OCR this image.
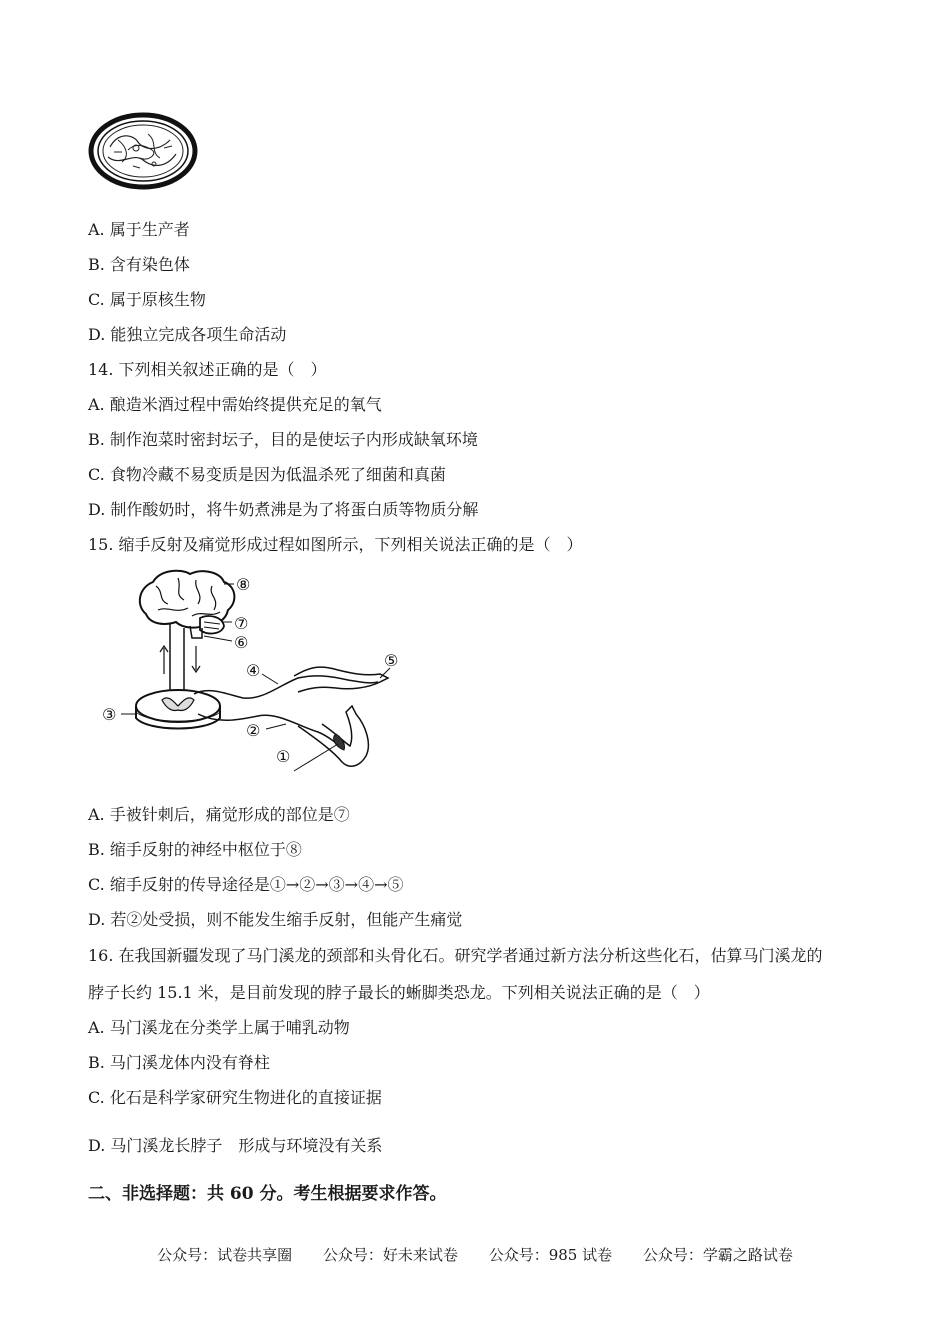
A. 属于生产者
B. 含有染色体
C. 属于原核生物
D. 能独立完成各项生命活动
14. 下列相关叙述正确的是（　）
A. 酿造米酒过程中需始终提供充足的氧气
B. 制作泡菜时密封坛子，目的是使坛子内形成缺氧环境
C. 食物冷藏不易变质是因为低温杀死了细菌和真菌
D. 制作酸奶时，将牛奶煮沸是为了将蛋白质等物质分解
15. 缩手反射及痛觉形成过程如图所示，下列相关说法正确的是（　）
⑧
⑦
⑥
④
⑤
③
②
①
A. 手被针刺后，痛觉形成的部位是⑦
B. 缩手反射的神经中枢位于⑧
C. 缩手反射的传导途径是①→②→③→④→⑤
D. 若②处受损，则不能发生缩手反射，但能产生痛觉
16. 在我国新疆发现了马门溪龙的颈部和头骨化石。研究学者通过新方法分析这些化石，估算马门溪龙的
脖子长约 15.1 米，是目前发现的脖子最长的蜥脚类恐龙。下列相关说法正确的是（　）
A. 马门溪龙在分类学上属于哺乳动物
B. 马门溪龙体内没有脊柱
C. 化石是科学家研究生物进化的直接证据
D. 马门溪龙长脖子　形成与环境没有关系
二、非选择题：共 60 分。考生根据要求作答。
公众号：试卷共享圈 公众号：好未来试卷 公众号：985 试卷 公众号：学霸之路试卷
